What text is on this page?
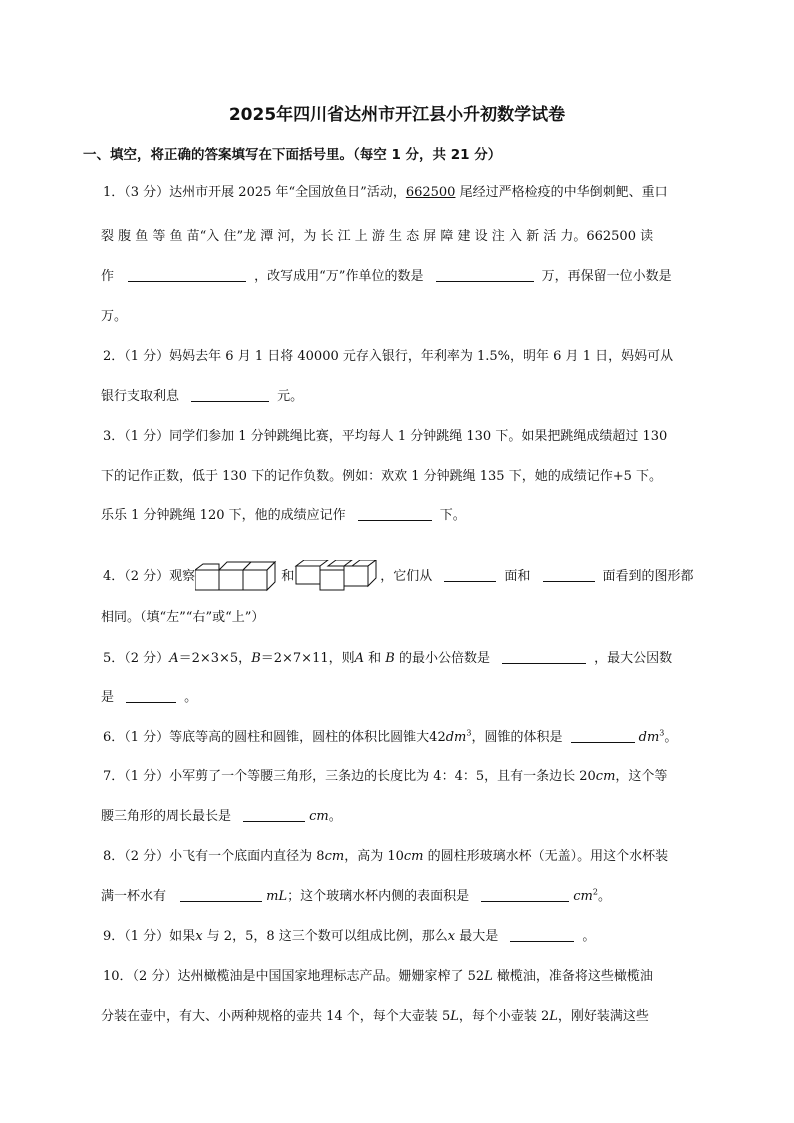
2025年四川省达州市开江县小升初数学试卷
一、填空，将正确的答案填写在下面括号里。（每空 1 分，共 21 分）
1．（3 分）达州市开展 2025 年“全国放鱼日”活动，662500 尾经过严格检疫的中华倒刺鲃、重口
裂 腹 鱼 等 鱼 苗“入 住”龙 潭 河，为 长 江 上 游 生 态 屏 障 建 设 注 入 新 活 力。662500 读
作	，改写成用“万”作单位的数是	万，再保留一位小数是
万。
2．（1 分）妈妈去年 6 月 1 日将 40000 元存入银行，年利率为 1.5%，明年 6 月 1 日，妈妈可从
银行支取利息	元。
3．（1 分）同学们参加 1 分钟跳绳比赛，平均每人 1 分钟跳绳 130 下。如果把跳绳成绩超过 130
下的记作正数，低于 130 下的记作负数。例如：欢欢 1 分钟跳绳 135 下，她的成绩记作+5 下。
乐乐 1 分钟跳绳 120 下，他的成绩应记作	下。
4．（2 分）观察	和	，它们从	面和	面看到的图形都
相同。（填“左”“右”或“上”）
5．（2 分）A＝2×3×5，B＝2×7×11，则A 和 B 的最小公倍数是	，最大公因数
是	。
6．（1 分）等底等高的圆柱和圆锥，圆柱的体积比圆锥大$42dm^3$，圆锥的体积是	$dm^3$。
7．（1 分）小军剪了一个等腰三角形，三条边的长度比为 4：4：5，且有一条边长 20cm，这个等
腰三角形的周长最长是	cm。
8．（2 分）小飞有一个底面内直径为 8cm，高为 10cm 的圆柱形玻璃水杯（无盖）。用这个水杯装
满一杯水有	mL；这个玻璃水杯内侧的表面积是	$cm^2$。
9．（1 分）如果x 与 2，5，8 这三个数可以组成比例，那么x 最大是	。
10．（2 分）达州橄榄油是中国国家地理标志产品。姗姗家榨了 52L 橄榄油，准备将这些橄榄油
分装在壶中，有大、小两种规格的壶共 14 个，每个大壶装 5L，每个小壶装 2L，刚好装满这些
